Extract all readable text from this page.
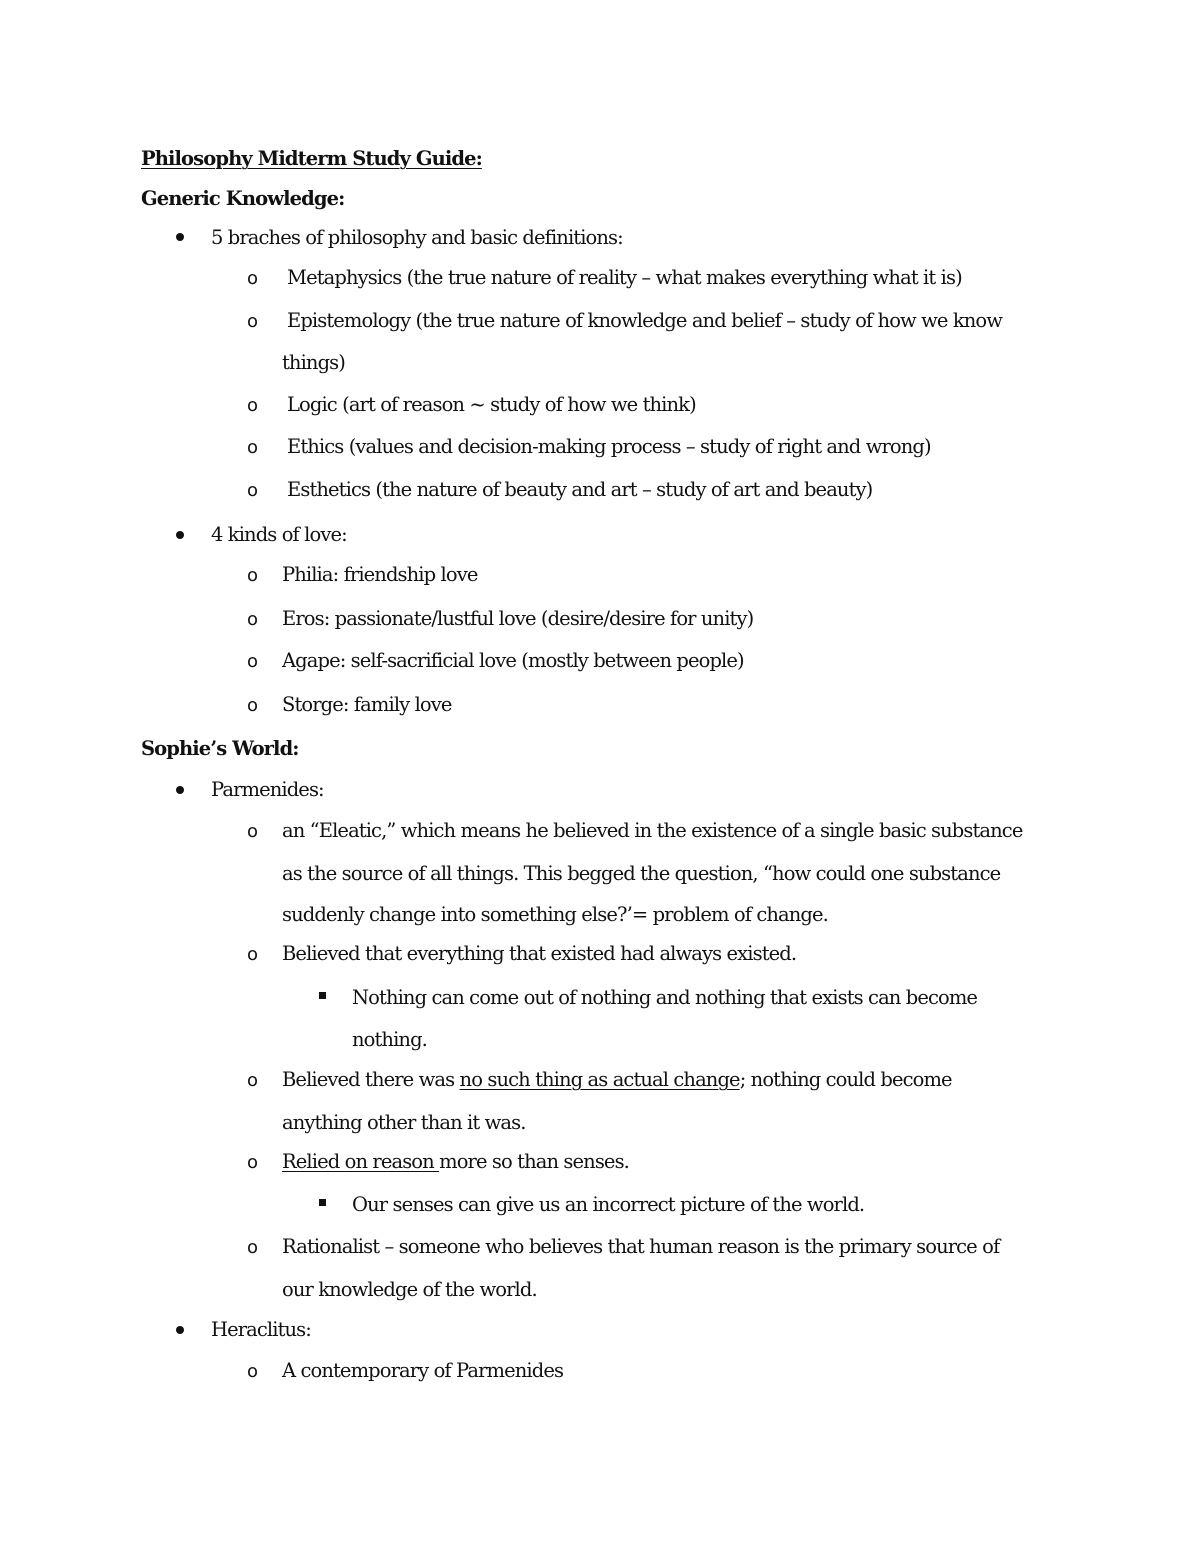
Philosophy Midterm Study Guide:
Generic Knowledge:
5 braches of philosophy and basic definitions:
o Metaphysics (the true nature of reality – what makes everything what it is)
o Epistemology (the true nature of knowledge and belief – study of how we know
things)
o Logic (art of reason ~ study of how we think)
o Ethics (values and decision-making process – study of right and wrong)
o Esthetics (the nature of beauty and art – study of art and beauty)
4 kinds of love:
o Philia: friendship love
o Eros: passionate/lustful love (desire/desire for unity)
o Agape: self-sacrificial love (mostly between people)
o Storge: family love
Sophie’s World:
Parmenides:
o an “Eleatic,” which means he believed in the existence of a single basic substance
as the source of all things. This begged the question, “how could one substance
suddenly change into something else?’= problem of change.
o Believed that everything that existed had always existed.
Nothing can come out of nothing and nothing that exists can become
nothing.
o Believed there was no such thing as actual change; nothing could become
anything other than it was.
o Relied on reason more so than senses.
Our senses can give us an incorrect picture of the world.
o Rationalist – someone who believes that human reason is the primary source of
our knowledge of the world.
Heraclitus:
o A contemporary of Parmenides
